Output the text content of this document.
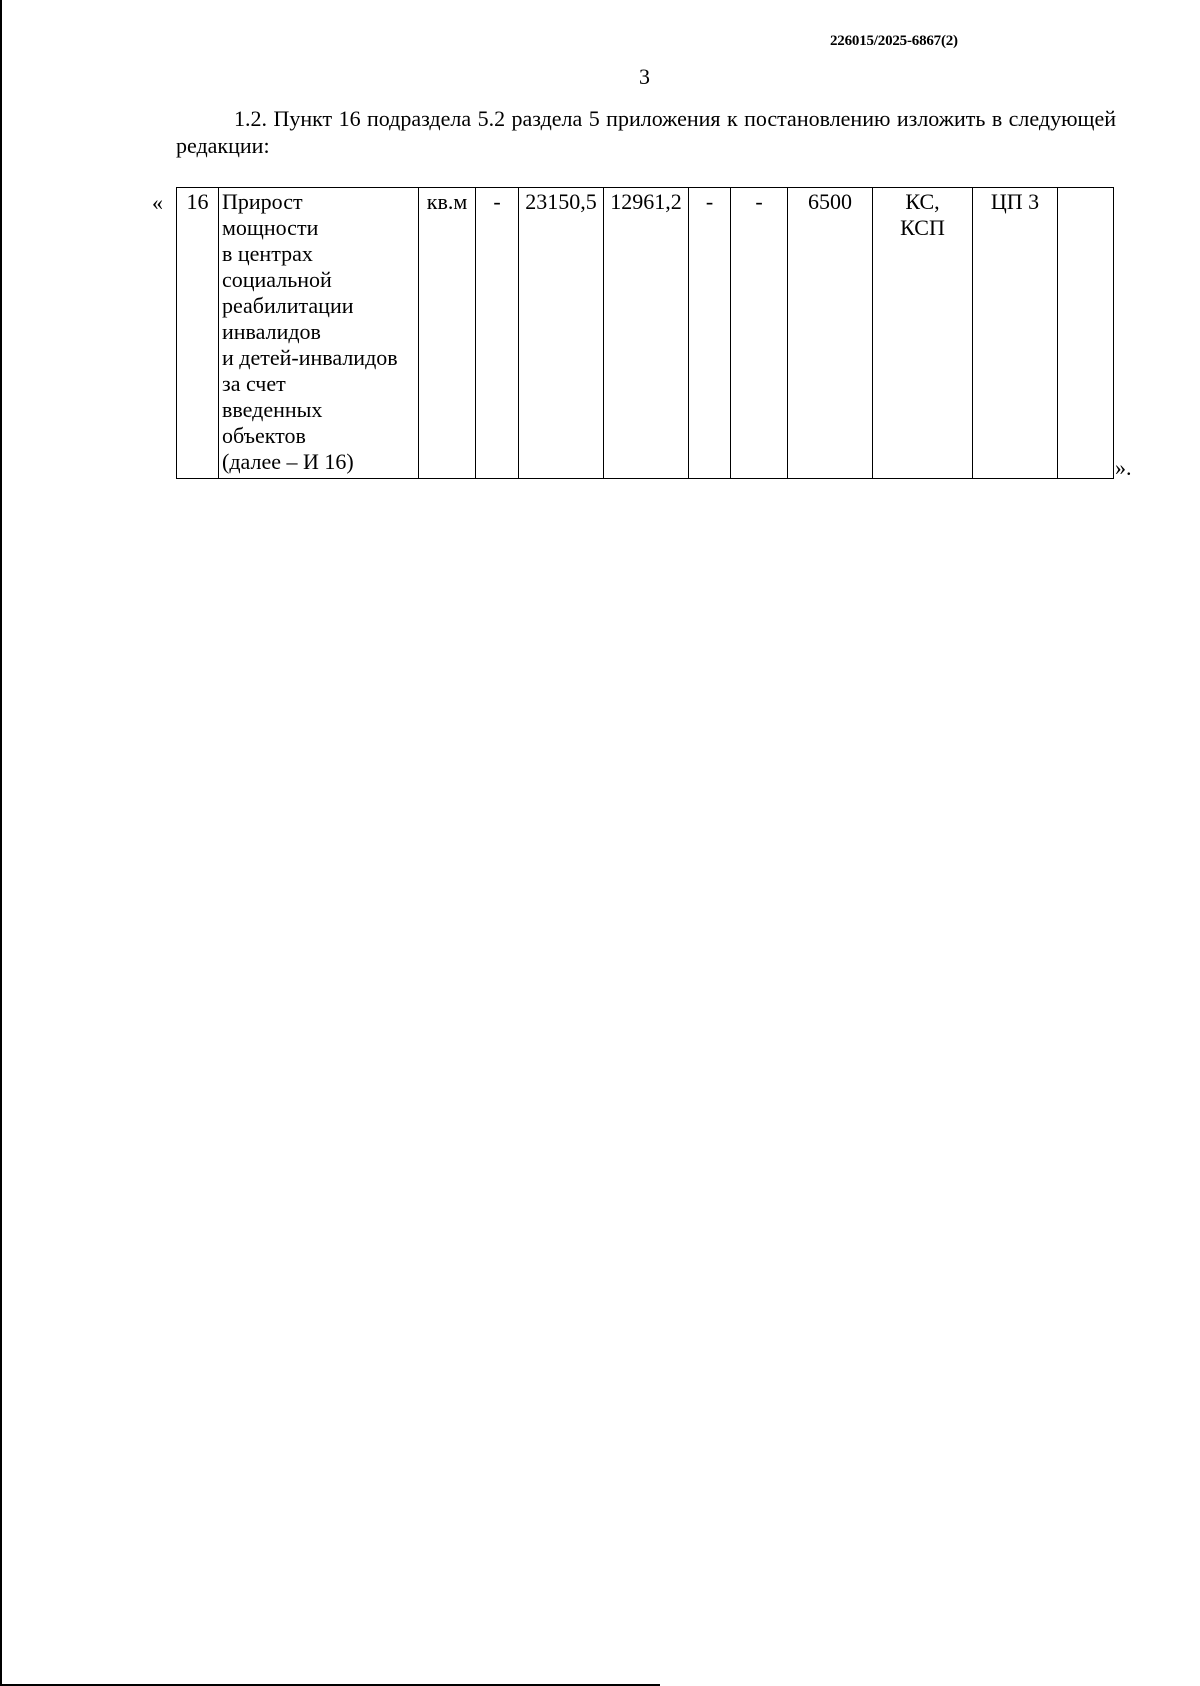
226015/2025-6867(2)
3
1.2. Пункт 16 подраздела 5.2 раздела 5 приложения к постановлению изложить в следующей редакции:
« 16	Прирост
мощности
в центрах
социальной
реабилитации
инвалидов
и детей-инвалидов
за счет
введенных
объектов
(далее – И 16)
	кв.м	-	23150,5	12961,2	-	-	6500	КС,
КСП
	ЦП 3	
».
